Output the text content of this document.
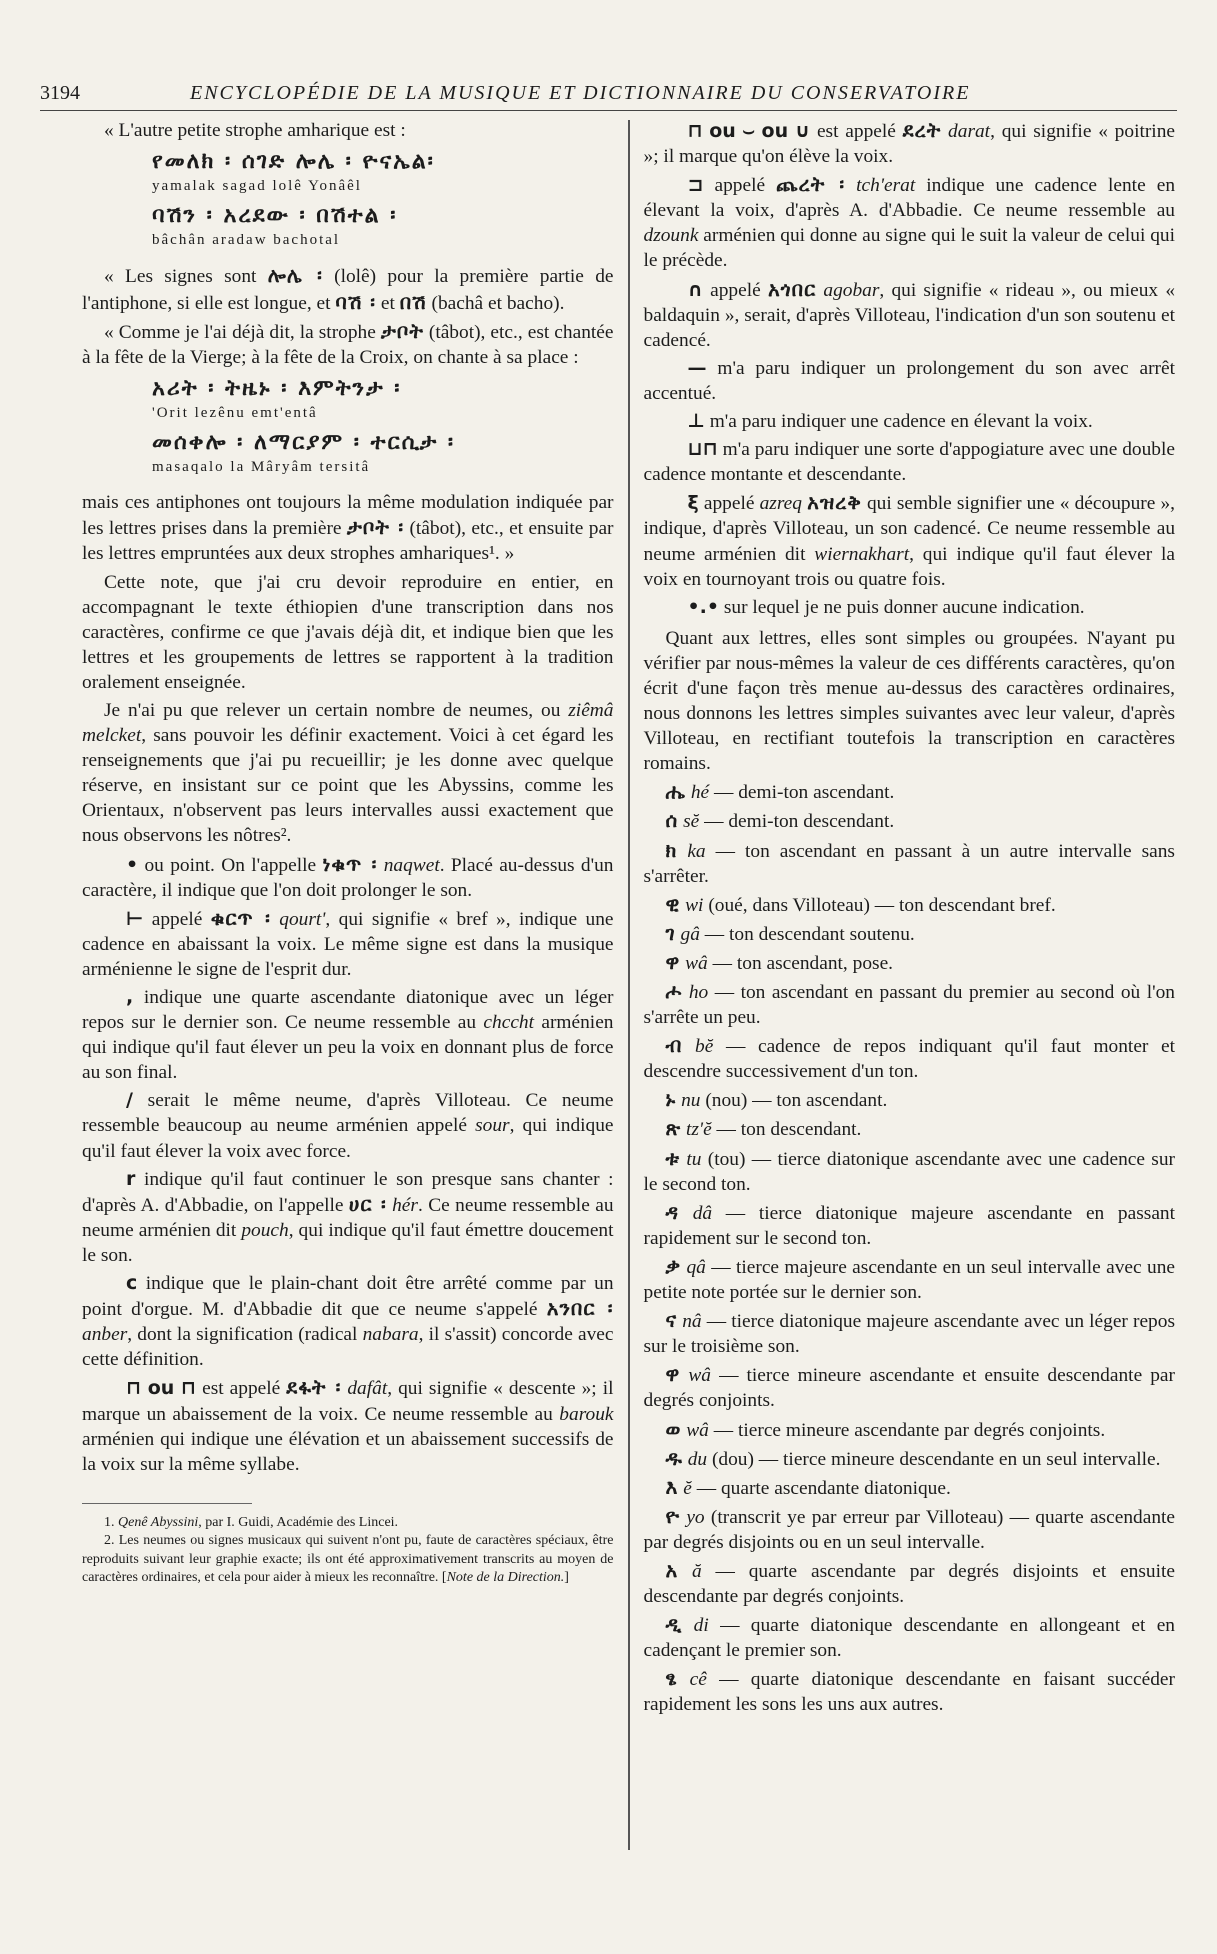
3194	ENCYCLOPÉDIE DE LA MUSIQUE ET DICTIONNAIRE DU CONSERVATOIRE

« L'autre petite strophe amharique est :

የመለክ ፡ ሰገድ ሎሌ ፡ ዮናኤል፡
yamalak sagad lolê Yonâêl
ባሽን ፡ አረደው ፡ በሽተል ፡
bâchân aradaw bachotal

« Les signes sont ሎሌ ፡ (lolê) pour la première partie de l'antiphone, si elle est longue, et ባሽ ፡ et በሽ (bachâ et bacho).

« Comme je l'ai déjà dit, la strophe ታቦት (tâbot), etc., est chantée à la fête de la Vierge; à la fête de la Croix, on chante à sa place :

አሪት ፡ ትዜኑ ፡ እምትንታ ፡
'Orit lezênu emt'entâ
መሰቀሎ ፡ ለማርያም ፡ ተርሲታ ፡
masaqalo la Mâryâm tersitâ

mais ces antiphones ont toujours la même modulation indiquée par les lettres prises dans la première ታቦት ፡ (tâbot), etc., et ensuite par les lettres empruntées aux deux strophes amhariques¹. »

Cette note, que j'ai cru devoir reproduire en entier, en accompagnant le texte éthiopien d'une transcription dans nos caractères, confirme ce que j'avais déjà dit, et indique bien que les lettres et les groupements de lettres se rapportent à la tradition oralement enseignée.

Je n'ai pu que relever un certain nombre de neumes, ou ziêmâ melcket, sans pouvoir les définir exactement. Voici à cet égard les renseignements que j'ai pu recueillir; je les donne avec quelque réserve, en insistant sur ce point que les Abyssins, comme les Orientaux, n'observent pas leurs intervalles aussi exactement que nous observons les nôtres².

• ou point. On l'appelle ነቁጥ ፡ naqwet. Placé au-dessus d'un caractère, il indique que l'on doit prolonger le son.

⊢ appelé ቁርጥ ፡ qourt', qui signifie « bref », indique une cadence en abaissant la voix. Le même signe est dans la musique arménienne le signe de l'esprit dur.

, indique une quarte ascendante diatonique avec un léger repos sur le dernier son. Ce neume ressemble au chccht arménien qui indique qu'il faut élever un peu la voix en donnant plus de force au son final.

/ serait le même neume, d'après Villoteau. Ce neume ressemble beaucoup au neume arménien appelé sour, qui indique qu'il faut élever la voix avec force.

r indique qu'il faut continuer le son presque sans chanter : d'après A. d'Abbadie, on l'appelle ሀር ፡ hér. Ce neume ressemble au neume arménien dit pouch, qui indique qu'il faut émettre doucement le son.

c indique que le plain-chant doit être arrêté comme par un point d'orgue. M. d'Abbadie dit que ce neume s'appelé አንበር ፡ anber, dont la signification (radical nabara, il s'assit) concorde avec cette définition.

⊓ ou ⊓ est appelé ደፋት ፡ dafât, qui signifie « descente »; il marque un abaissement de la voix. Ce neume ressemble au barouk arménien qui indique une élévation et un abaissement successifs de la voix sur la même syllabe.

1. Qenê Abyssini, par I. Guidi, Académie des Lincei.

2. Les neumes ou signes musicaux qui suivent n'ont pu, faute de caractères spéciaux, être reproduits suivant leur graphie exacte; ils ont été approximativement transcrits au moyen de caractères ordinaires, et cela pour aider à mieux les reconnaître. [Note de la Direction.]

⊓ ou ⌣ ou ∪ est appelé ደረት darat, qui signifie « poitrine »; il marque qu'on élève la voix.

⊐ appelé ጨረት ፡ tch'erat indique une cadence lente en élevant la voix, d'après A. d'Abbadie. Ce neume ressemble au dzounk arménien qui donne au signe qui le suit la valeur de celui qui le précède.

∩ appelé አጎበር agobar, qui signifie « rideau », ou mieux « baldaquin », serait, d'après Villoteau, l'indication d'un son soutenu et cadencé.

— m'a paru indiquer un prolongement du son avec arrêt accentué.

⊥ m'a paru indiquer une cadence en élevant la voix.

⊔⊓ m'a paru indiquer une sorte d'appogiature avec une double cadence montante et descendante.

ξ appelé azreq አዝረቅ qui semble signifier une « découpure », indique, d'après Villoteau, un son cadencé. Ce neume ressemble au neume arménien dit wiernakhart, qui indique qu'il faut élever la voix en tournoyant trois ou quatre fois.

•.• sur lequel je ne puis donner aucune indication.

Quant aux lettres, elles sont simples ou groupées. N'ayant pu vérifier par nous-mêmes la valeur de ces différents caractères, qu'on écrit d'une façon très menue au-dessus des caractères ordinaires, nous donnons les lettres simples suivantes avec leur valeur, d'après Villoteau, en rectifiant toutefois la transcription en caractères romains.

ሔ hé — demi-ton ascendant.

ሰ sĕ — demi-ton descendant.

ክ ka — ton ascendant en passant à un autre intervalle sans s'arrêter.

ዊ wi (oué, dans Villoteau) — ton descendant bref.

ገ gâ — ton descendant soutenu.

ዋ wâ — ton ascendant, pose.

ሖ ho — ton ascendant en passant du premier au second où l'on s'arrête un peu.

ብ bĕ — cadence de repos indiquant qu'il faut monter et descendre successivement d'un ton.

ኑ nu (nou) — ton ascendant.

ጽ tz'ĕ — ton descendant.

ቱ tu (tou) — tierce diatonique ascendante avec une cadence sur le second ton.

ዳ dâ — tierce diatonique majeure ascendante en passant rapidement sur le second ton.

ቃ qâ — tierce majeure ascendante en un seul intervalle avec une petite note portée sur le dernier son.

ና nâ — tierce diatonique majeure ascendante avec un léger repos sur le troisième son.

ዋ wâ — tierce mineure ascendante et ensuite descendante par degrés conjoints.

ወ wâ — tierce mineure ascendante par degrés conjoints.

ዱ du (dou) — tierce mineure descendante en un seul intervalle.

እ ĕ — quarte ascendante diatonique.

ዮ yo (transcrit ye par erreur par Villoteau) — quarte ascendante par degrés disjoints ou en un seul intervalle.

አ ă — quarte ascendante par degrés disjoints et ensuite descendante par degrés conjoints.

ዲ di — quarte diatonique descendante en allongeant et en cadençant le premier son.

ፄ cê — quarte diatonique descendante en faisant succéder rapidement les sons les uns aux autres.
